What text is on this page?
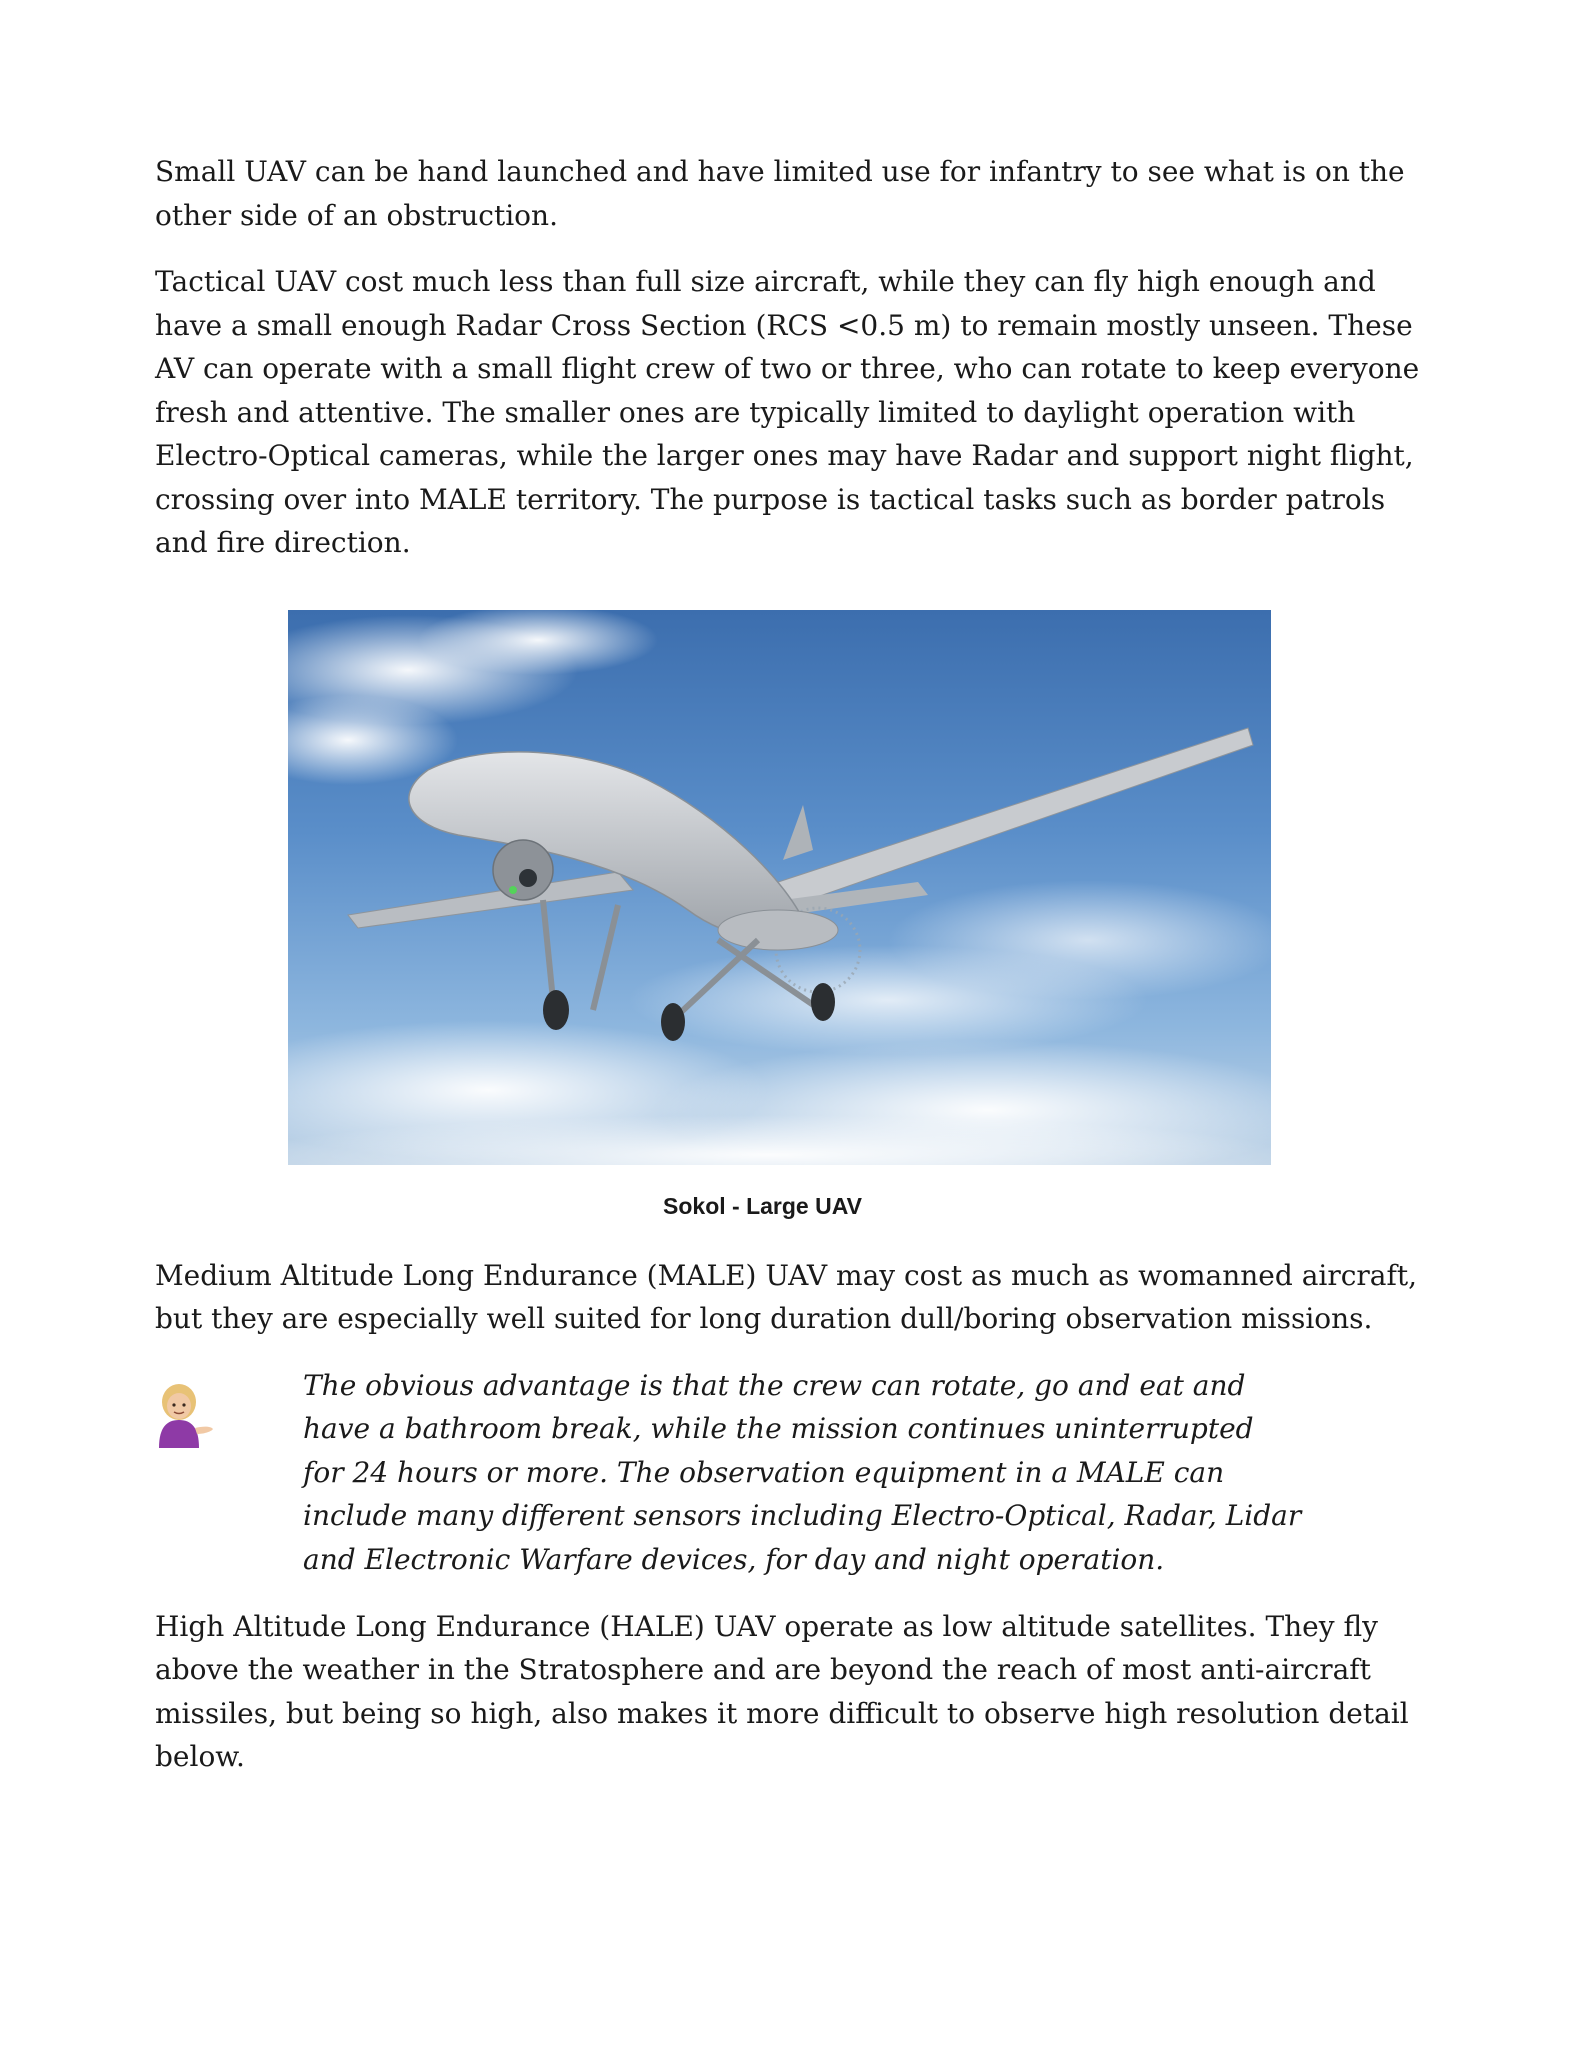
Small UAV can be hand launched and have limited use for infantry to see what is on the other side of an obstruction.

Tactical UAV cost much less than full size aircraft, while they can fly high enough and have a small enough Radar Cross Section (RCS <0.5 m) to remain mostly unseen. These AV can operate with a small flight crew of two or three, who can rotate to keep everyone fresh and attentive. The smaller ones are typically limited to daylight operation with Electro-Optical cameras, while the larger ones may have Radar and support night flight, crossing over into MALE territory. The purpose is tactical tasks such as border patrols and fire direction.

Sokol - Large UAV

Medium Altitude Long Endurance (MALE) UAV may cost as much as womanned aircraft, but they are especially well suited for long duration dull/boring observation missions.

The obvious advantage is that the crew can rotate, go and eat and have a bathroom break, while the mission continues uninterrupted for 24 hours or more. The observation equipment in a MALE can include many different sensors including Electro-Optical, Radar, Lidar and Electronic Warfare devices, for day and night operation.

High Altitude Long Endurance (HALE) UAV operate as low altitude satellites. They fly above the weather in the Stratosphere and are beyond the reach of most anti-aircraft missiles, but being so high, also makes it more difficult to observe high resolution detail below.
